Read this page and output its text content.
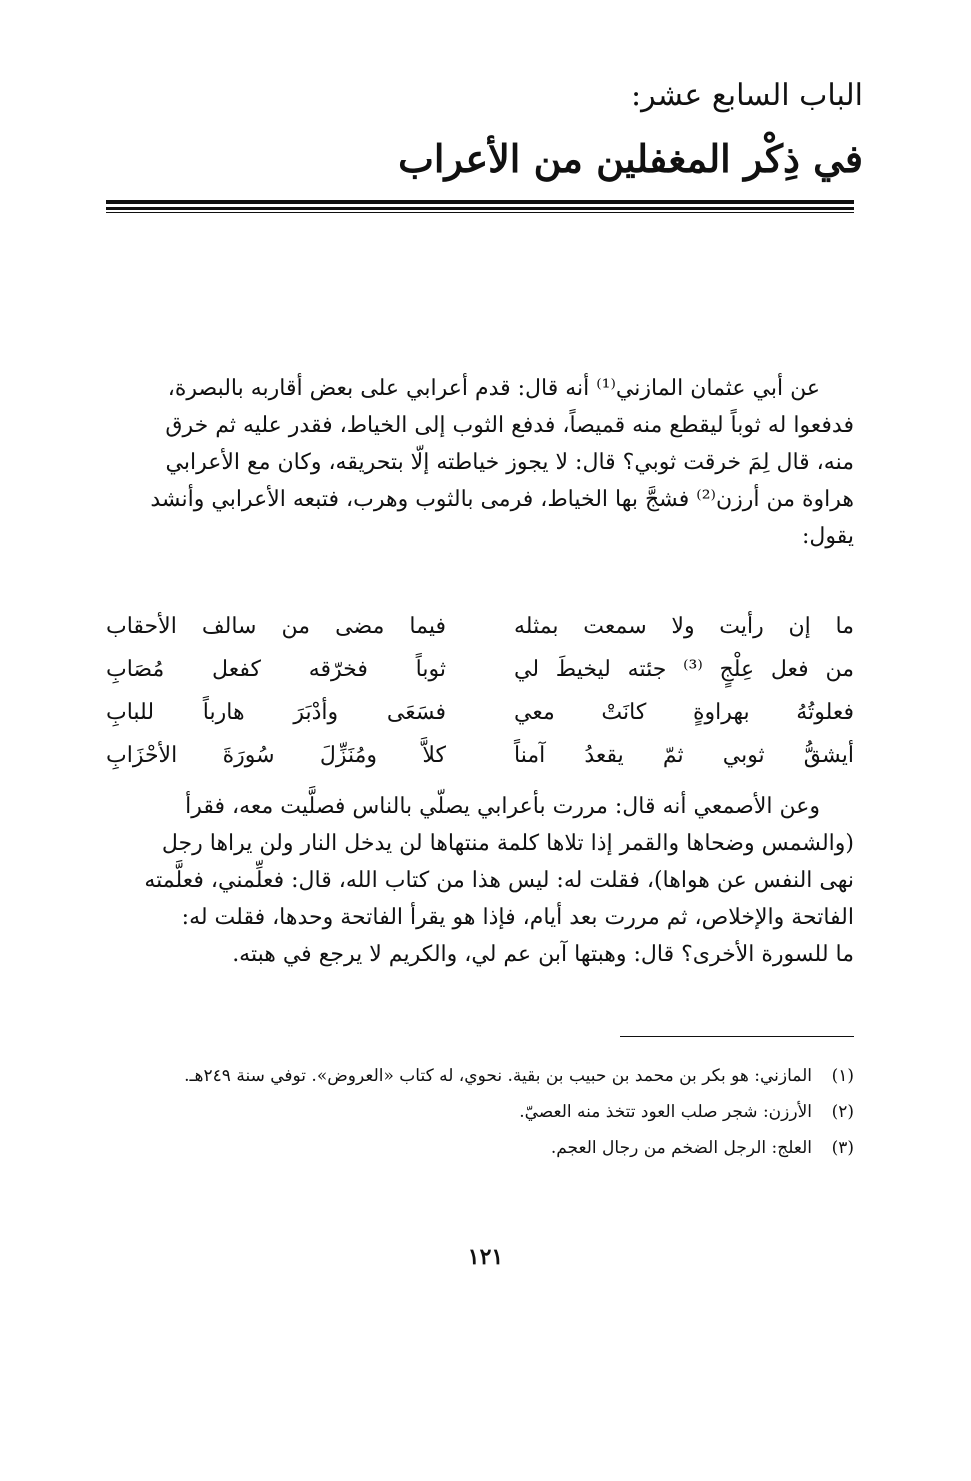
الباب السابع عشر:
في ذِكْر المغفلين من الأعراب
عن أبي عثمان المازني⁽¹⁾ أنه قال: قدم أعرابي على بعض أقاربه بالبصرة،
فدفعوا له ثوباً ليقطع منه قميصاً، فدفع الثوب إلى الخياط، فقدر عليه ثم خرق
منه، قال لِمَ خرقت ثوبي؟ قال: لا يجوز خياطته إلّا بتحريقه، وكان مع الأعرابي
هراوة من أرزن⁽²⁾ فشجَّ بها الخياط، فرمى بالثوب وهرب، فتبعه الأعرابي وأنشد
يقول:
ما إن رأيت ولا سمعت بمثله
فيما مضى من سالف الأحقاب
من فعل عِلْجٍ ⁽³⁾ جئته ليخيطَ لي
ثوباً فخرّقه كفعل مُصَابِ
فعلوتُهُ بهراوةٍ كانَتْ معي
فسَعَى وأدْبَرَ هارباً للبابِ
أيشقُّ ثوبي ثمّ يقعدُ آمناً
كلاَّ ومُنَزِّلَ سُورَةَ الأحْزَابِ
وعن الأصمعي أنه قال: مررت بأعرابي يصلّي بالناس فصلَّيت معه، فقرأ
(والشمس وضحاها والقمر إذا تلاها كلمة منتهاها لن يدخل النار ولن يراها رجل
نهى النفس عن هواها)، فقلت له: ليس هذا من كتاب الله، قال: فعلِّمني، فعلَّمته
الفاتحة والإخلاص، ثم مررت بعد أيام، فإذا هو يقرأ الفاتحة وحدها، فقلت له:
ما للسورة الأخرى؟ قال: وهبتها آبن عم لي، والكريم لا يرجع في هبته.
(١)
المازني: هو بكر بن محمد بن حبيب بن بقية. نحوي، له كتاب «العروض». توفي سنة ٢٤٩هـ.
(٢)
الأرزن: شجر صلب العود تتخذ منه العصيّ.
(٣)
العلج: الرجل الضخم من رجال العجم.
١٢١
